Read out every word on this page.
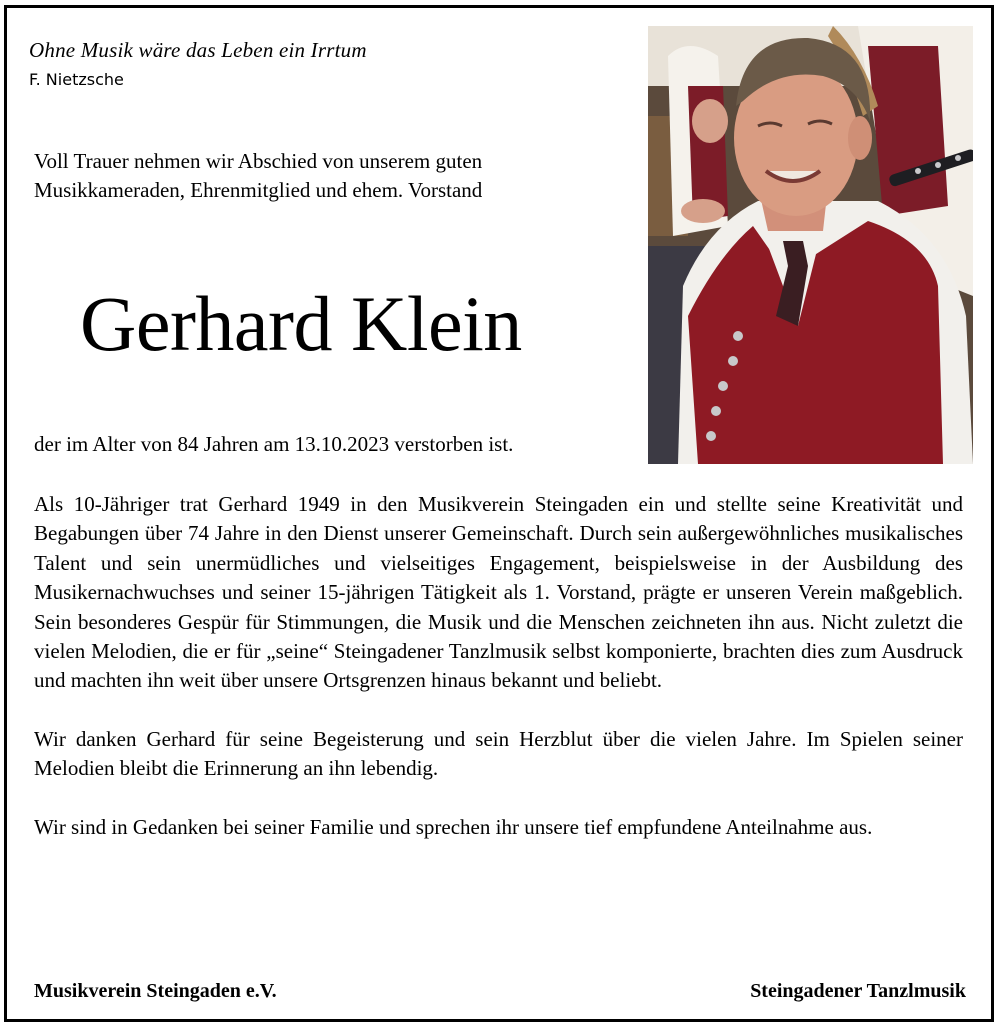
Ohne Musik wäre das Leben ein Irrtum
F. Nietzsche
Voll Trauer nehmen wir Abschied von unserem guten Musikkameraden, Ehrenmitglied und ehem. Vorstand
Gerhard Klein
der im Alter von 84 Jahren am 13.10.2023 verstorben ist.

Als 10-Jähriger trat Gerhard 1949 in den Musikverein Steingaden ein und stellte seine Kreativität und Begabungen über 74 Jahre in den Dienst unserer Gemeinschaft. Durch sein außergewöhnliches musikalisches Talent und sein unermüdliches und vielseitiges Engagement, beispielsweise in der Ausbildung des Musikernachwuchses und seiner 15-jährigen Tätigkeit als 1. Vorstand, prägte er unseren Verein maßgeblich. Sein besonderes Gespür für Stimmungen, die Musik und die Menschen zeichneten ihn aus. Nicht zuletzt die vielen Melodien, die er für „seine“ Steingadener Tanzlmusik selbst komponierte, brachten dies zum Ausdruck und machten ihn weit über unsere Ortsgrenzen hinaus bekannt und beliebt.

Wir danken Gerhard für seine Begeisterung und sein Herzblut über die vielen Jahre. Im Spielen seiner Melodien bleibt die Erinnerung an ihn lebendig.

Wir sind in Gedanken bei seiner Familie und sprechen ihr unsere tief empfundene Anteilnahme aus.

Musikverein Steingaden e.V.	Steingadener Tanzlmusik
